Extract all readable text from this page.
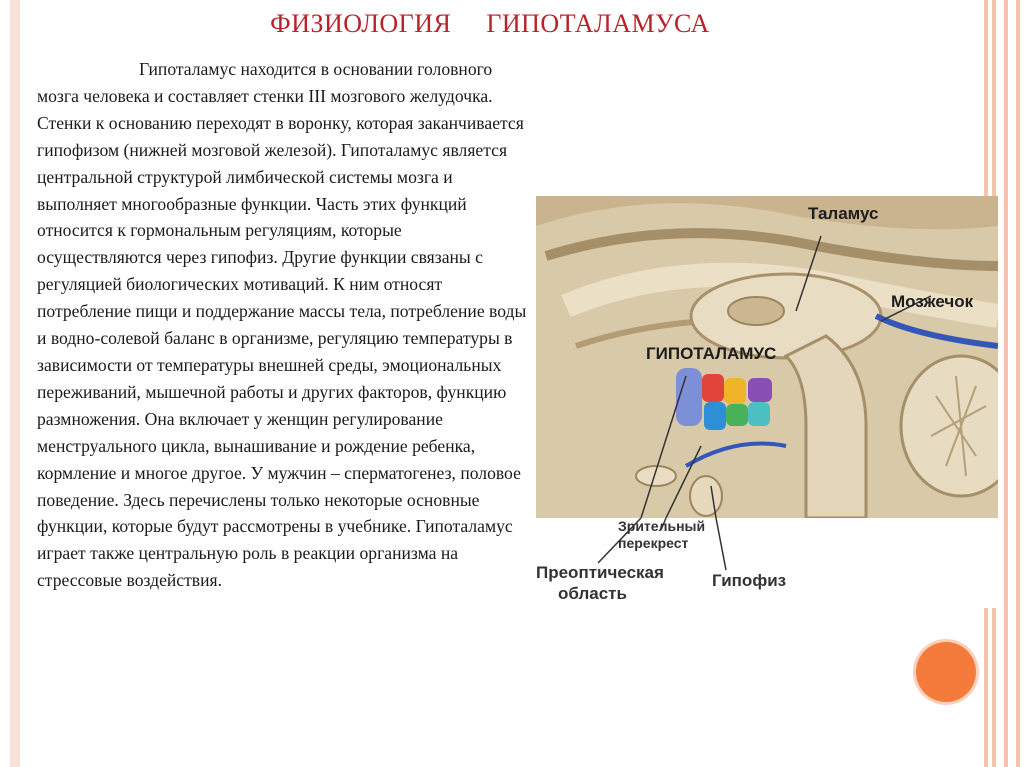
ФИЗИОЛОГИЯ     ГИПОТАЛАМУСА
Гипоталамус находится в основании головного мозга человека и составляет стенки III мозгового желудочка. Стенки к основанию переходят в воронку, которая заканчивается гипофизом (нижней мозговой железой). Гипоталамус является центральной структурой лимбической системы мозга и выполняет многообразные функции. Часть этих функций относится к гормональным регуляциям, которые осуществляются через гипофиз. Другие функции связаны с регуляцией биологических мотиваций. К ним относят потребление пищи и поддержание массы тела, потребление воды и водно-солевой баланс в организме, регуляцию температуры в зависимости от температуры внешней среды, эмоциональных переживаний, мышечной работы и других факторов, функцию размножения. Она включает у женщин регулирование менструального цикла, вынашивание и рождение ребенка, кормление и многое другое. У мужчин – сперматогенез, половое поведение. Здесь перечислены только некоторые основные функции, которые будут рассмотрены в учебнике. Гипоталамус играет также центральную роль в реакции организма на стрессовые воздействия.
Таламус
Мозжечок
ГИПОТАЛАМУС
Зрительный
перекрест
Преоптическая
область
Гипофиз
